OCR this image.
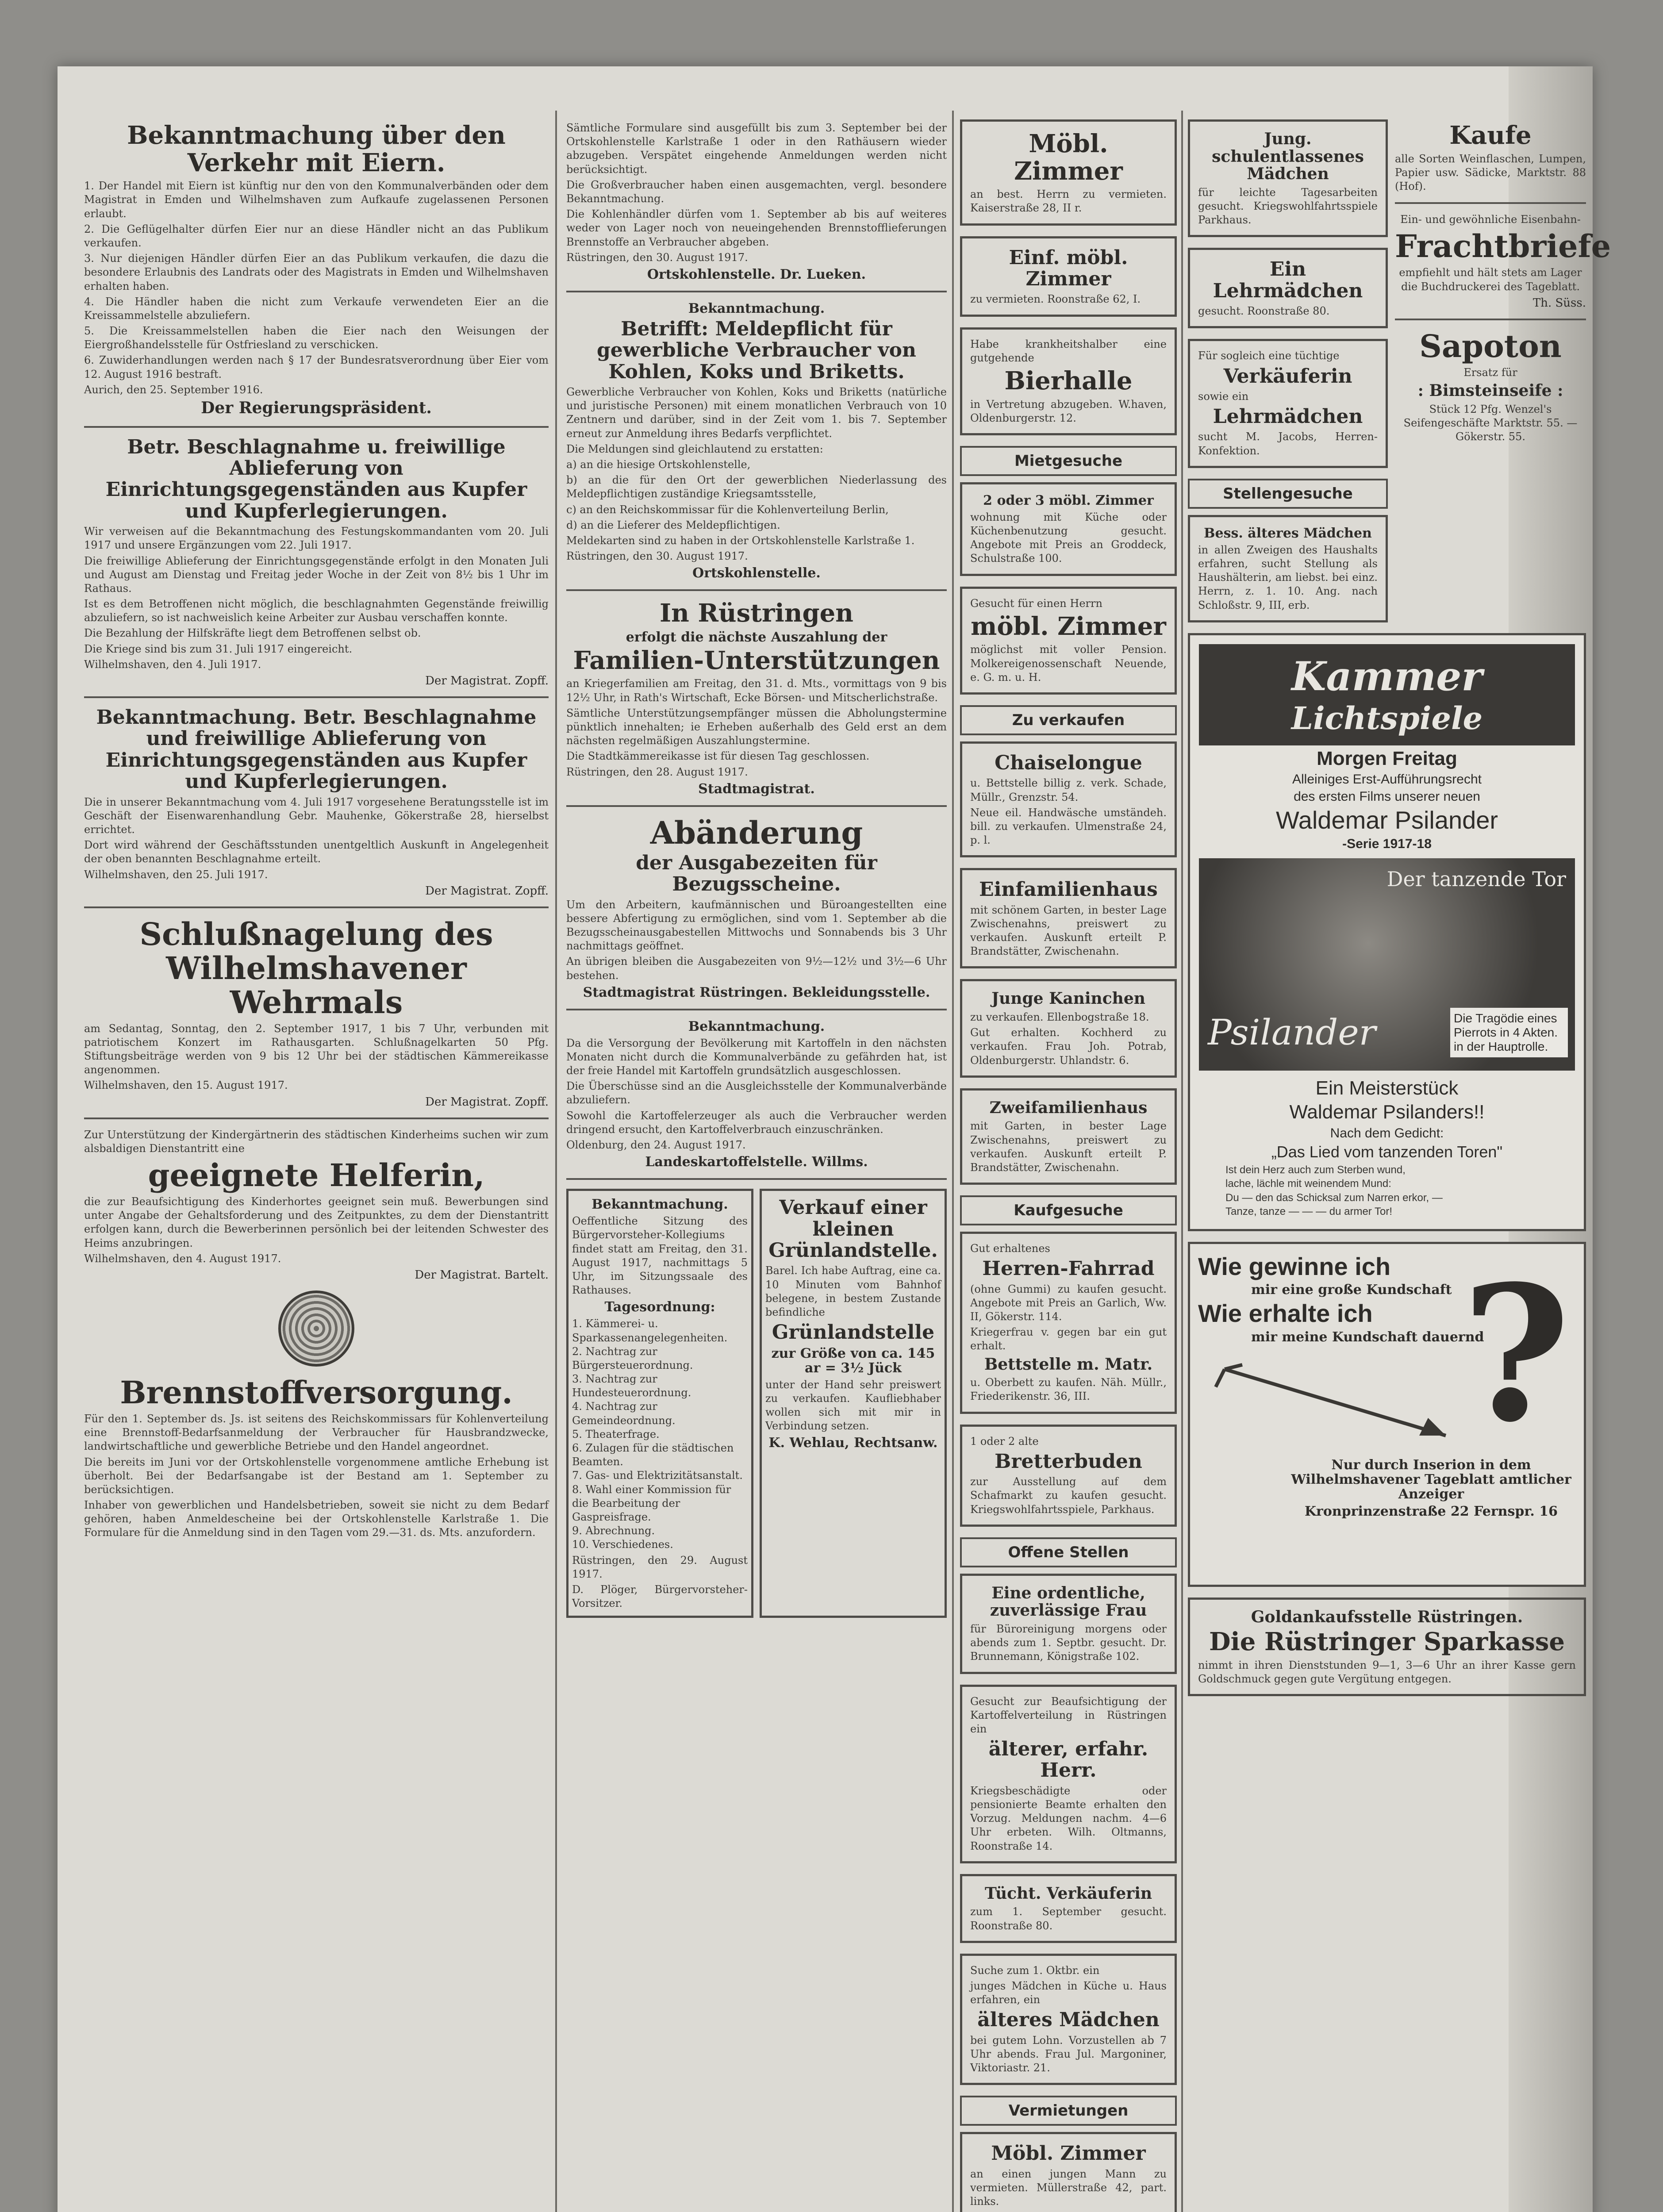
Bekanntmachung über den Verkehr mit Eiern.

1. Der Handel mit Eiern ist künftig nur den von den Kommunalverbänden oder dem Magistrat in Emden und Wilhelmshaven zum Aufkaufe zugelassenen Personen erlaubt.

2. Die Geflügelhalter dürfen Eier nur an diese Händler nicht an das Publikum verkaufen.

3. Nur diejenigen Händler dürfen Eier an das Publikum verkaufen, die dazu die besondere Erlaubnis des Landrats oder des Magistrats in Emden und Wilhelmshaven erhalten haben.

4. Die Händler haben die nicht zum Verkaufe verwendeten Eier an die Kreissammelstelle abzuliefern.

5. Die Kreissammelstellen haben die Eier nach den Weisungen der Eiergroßhandelsstelle für Ostfriesland zu verschicken.

6. Zuwiderhandlungen werden nach § 17 der Bundesratsverordnung über Eier vom 12. August 1916 bestraft.

Aurich, den 25. September 1916.

Der Regierungspräsident.
Betr. Beschlagnahme u. freiwillige Ablieferung von Einrichtungsgegenständen aus Kupfer und Kupferlegierungen.

Wir verweisen auf die Bekanntmachung des Festungskommandanten vom 20. Juli 1917 und unsere Ergänzungen vom 22. Juli 1917.

Die freiwillige Ablieferung der Einrichtungsgegenstände erfolgt in den Monaten Juli und August am Dienstag und Freitag jeder Woche in der Zeit von 8½ bis 1 Uhr im Rathaus.

Ist es dem Betroffenen nicht möglich, die beschlagnahmten Gegenstände freiwillig abzuliefern, so ist nachweislich keine Arbeiter zur Ausbau verschaffen konnte.

Die Bezahlung der Hilfskräfte liegt dem Betroffenen selbst ob.

Die Kriege sind bis zum 31. Juli 1917 eingereicht.

Wilhelmshaven, den 4. Juli 1917.

Der Magistrat. Zopff.
Bekanntmachung. Betr. Beschlagnahme und freiwillige Ablieferung von Einrichtungsgegenständen aus Kupfer und Kupferlegierungen.

Die in unserer Bekanntmachung vom 4. Juli 1917 vorgesehene Beratungsstelle ist im Geschäft der Eisenwarenhandlung Gebr. Mauhenke, Gökerstraße 28, hierselbst errichtet.

Dort wird während der Geschäftsstunden unentgeltlich Auskunft in Angelegenheit der oben benannten Beschlagnahme erteilt.

Wilhelmshaven, den 25. Juli 1917.

Der Magistrat. Zopff.
Schlußnagelung des Wilhelmshavener Wehrmals

am Sedantag, Sonntag, den 2. September 1917, 1 bis 7 Uhr, verbunden mit patriotischem Konzert im Rathausgarten. Schlußnagelkarten 50 Pfg. Stiftungsbeiträge werden von 9 bis 12 Uhr bei der städtischen Kämmereikasse angenommen.

Wilhelmshaven, den 15. August 1917.

Der Magistrat. Zopff.

Zur Unterstützung der Kindergärtnerin des städtischen Kinderheims suchen wir zum alsbaldigen Dienstantritt eine

geeignete Helferin,

die zur Beaufsichtigung des Kinderhortes geeignet sein muß. Bewerbungen sind unter Angabe der Gehaltsforderung und des Zeitpunktes, zu dem der Dienstantritt erfolgen kann, durch die Bewerberinnen persönlich bei der leitenden Schwester des Heims anzubringen.

Wilhelmshaven, den 4. August 1917.

Der Magistrat. Bartelt.
Brennstoffversorgung.

Für den 1. September ds. Js. ist seitens des Reichskommissars für Kohlenverteilung eine Brennstoff-Bedarfsanmeldung der Verbraucher für Hausbrandzwecke, landwirtschaftliche und gewerbliche Betriebe und den Handel angeordnet.

Die bereits im Juni vor der Ortskohlenstelle vorgenommene amtliche Erhebung ist überholt. Bei der Bedarfsangabe ist der Bestand am 1. September zu berücksichtigen.

Inhaber von gewerblichen und Handelsbetrieben, soweit sie nicht zu dem Bedarf gehören, haben Anmeldescheine bei der Ortskohlenstelle Karlstraße 1. Die Formulare für die Anmeldung sind in den Tagen vom 29.—31. ds. Mts. anzufordern.

Sämtliche Formulare sind ausgefüllt bis zum 3. September bei der Ortskohlenstelle Karlstraße 1 oder in den Rathäusern wieder abzugeben. Verspätet eingehende Anmeldungen werden nicht berücksichtigt.

Die Großverbraucher haben einen ausgemachten, vergl. besondere Bekanntmachung.

Die Kohlenhändler dürfen vom 1. September ab bis auf weiteres weder von Lager noch von neueingehenden Brennstofflieferungen Brennstoffe an Verbraucher abgeben.

Rüstringen, den 30. August 1917.

Ortskohlenstelle. Dr. Lueken.
Bekanntmachung.
Betrifft: Meldepflicht für gewerbliche Verbraucher von Kohlen, Koks und Briketts.

Gewerbliche Verbraucher von Kohlen, Koks und Briketts (natürliche und juristische Personen) mit einem monatlichen Verbrauch von 10 Zentnern und darüber, sind in der Zeit vom 1. bis 7. September erneut zur Anmeldung ihres Bedarfs verpflichtet.

Die Meldungen sind gleichlautend zu erstatten:

a) an die hiesige Ortskohlenstelle,

b) an die für den Ort der gewerblichen Niederlassung des Meldepflichtigen zuständige Kriegsamtsstelle,

c) an den Reichskommissar für die Kohlenverteilung Berlin,

d) an die Lieferer des Meldepflichtigen.

Meldekarten sind zu haben in der Ortskohlenstelle Karlstraße 1.

Rüstringen, den 30. August 1917.

Ortskohlenstelle.
In Rüstringen
erfolgt die nächste Auszahlung der
Familien-Unterstützungen

an Kriegerfamilien am Freitag, den 31. d. Mts., vormittags von 9 bis 12½ Uhr, in Rath's Wirtschaft, Ecke Börsen- und Mitscherlichstraße.

Sämtliche Unterstützungsempfänger müssen die Abholungstermine pünktlich innehalten; ie Erheben außerhalb des Geld erst an dem nächsten regelmäßigen Auszahlungstermine.

Die Stadtkämmereikasse ist für diesen Tag geschlossen.

Rüstringen, den 28. August 1917.

Stadtmagistrat.
Abänderung
der Ausgabezeiten für Bezugsscheine.

Um den Arbeitern, kaufmännischen und Büroangestellten eine bessere Abfertigung zu ermöglichen, sind vom 1. September ab die Bezugsscheinausgabestellen Mittwochs und Sonnabends bis 3 Uhr nachmittags geöffnet.

An übrigen bleiben die Ausgabezeiten von 9½—12½ und 3½—6 Uhr bestehen.

Stadtmagistrat Rüstringen. Bekleidungsstelle.
Bekanntmachung.

Da die Versorgung der Bevölkerung mit Kartoffeln in den nächsten Monaten nicht durch die Kommunalverbände zu gefährden hat, ist der freie Handel mit Kartoffeln grundsätzlich ausgeschlossen.

Die Überschüsse sind an die Ausgleichsstelle der Kommunalverbände abzuliefern.

Sowohl die Kartoffelerzeuger als auch die Verbraucher werden dringend ersucht, den Kartoffelverbrauch einzuschränken.

Oldenburg, den 24. August 1917.

Landeskartoffelstelle. Willms.
Bekanntmachung.

Oeffentliche Sitzung des Bürgervorsteher-Kollegiums findet statt am Freitag, den 31. August 1917, nachmittags 5 Uhr, im Sitzungssaale des Rathauses.

Tagesordnung:
1. Kämmerei- u. Sparkassenangelegenheiten.
2. Nachtrag zur Bürgersteuerordnung.
3. Nachtrag zur Hundesteuerordnung.
4. Nachtrag zur Gemeindeordnung.
5. Theaterfrage.
6. Zulagen für die städtischen Beamten.
7. Gas- und Elektrizitätsanstalt.
8. Wahl einer Kommission für die Bearbeitung der Gaspreisfrage.
9. Abrechnung.
10. Verschiedenes.

Rüstringen, den 29. August 1917.

D. Plöger, Bürgervorsteher-Vorsitzer.
Verkauf einer kleinen Grünlandstelle.

Barel. Ich habe Auftrag, eine ca. 10 Minuten vom Bahnhof belegene, in bestem Zustande befindliche

Grünlandstelle
zur Größe von ca. 145 ar = 3½ Jück

unter der Hand sehr preiswert zu verkaufen. Kaufliebhaber wollen sich mit mir in Verbindung setzen.

K. Wehlau, Rechtsanw.
Möbl. Zimmer

an best. Herrn zu vermieten. Kaiserstraße 28, II r.

Einf. möbl. Zimmer

zu vermieten. Roonstraße 62, I.

Habe krankheitshalber eine gutgehende

Bierhalle

in Vertretung abzugeben. W.haven, Oldenburgerstr. 12.

Mietgesuche
2 oder 3 möbl. Zimmer

wohnung mit Küche oder Küchenbenutzung gesucht. Angebote mit Preis an Groddeck, Schulstraße 100.

Gesucht für einen Herrn

möbl. Zimmer

möglichst mit voller Pension. Molkereigenossenschaft Neuende, e. G. m. u. H.

Zu verkaufen
Chaiselongue

u. Bettstelle billig z. verk. Schade, Müllr., Grenzstr. 54.

Neue eil. Handwäsche umständeh. bill. zu verkaufen. Ulmenstraße 24, p. l.

Einfamilienhaus

mit schönem Garten, in bester Lage Zwischenahns, preiswert zu verkaufen. Auskunft erteilt P. Brandstätter, Zwischenahn.

Junge Kaninchen

zu verkaufen. Ellenbogstraße 18.

Gut erhalten. Kochherd zu verkaufen. Frau Joh. Potrab, Oldenburgerstr. Uhlandstr. 6.

Zweifamilienhaus

mit Garten, in bester Lage Zwischenahns, preiswert zu verkaufen. Auskunft erteilt P. Brandstätter, Zwischenahn.

Kaufgesuche

Gut erhaltenes

Herren-Fahrrad

(ohne Gummi) zu kaufen gesucht. Angebote mit Preis an Garlich, Ww. II, Gökerstr. 114.

Kriegerfrau v. gegen bar ein gut erhalt.

Bettstelle m. Matr.

u. Oberbett zu kaufen. Näh. Müllr., Friederikenstr. 36, III.

1 oder 2 alte

Bretterbuden

zur Ausstellung auf dem Schafmarkt zu kaufen gesucht. Kriegswohlfahrtsspiele, Parkhaus.

Offene Stellen
Eine ordentliche, zuverlässige Frau

für Büroreinigung morgens oder abends zum 1. Septbr. gesucht. Dr. Brunnemann, Königstraße 102.

Gesucht zur Beaufsichtigung der Kartoffelverteilung in Rüstringen ein

älterer, erfahr. Herr.

Kriegsbeschädigte oder pensionierte Beamte erhalten den Vorzug. Meldungen nachm. 4—6 Uhr erbeten. Wilh. Oltmanns, Roonstraße 14.

Tücht. Verkäuferin

zum 1. September gesucht. Roonstraße 80.

Suche zum 1. Oktbr. ein

junges Mädchen in Küche u. Haus erfahren, ein

älteres Mädchen

bei gutem Lohn. Vorzustellen ab 7 Uhr abends. Frau Jul. Margoniner, Viktoriastr. 21.

Vermietungen
Möbl. Zimmer

an einen jungen Mann zu vermieten. Müllerstraße 42, part. links.

Jung. schulentlassenes Mädchen

für leichte Tagesarbeiten gesucht. Kriegswohlfahrtsspiele Parkhaus.

Ein Lehrmädchen

gesucht. Roonstraße 80.

Für sogleich eine tüchtige

Verkäuferin

sowie ein

Lehrmädchen

sucht M. Jacobs, Herren-Konfektion.

Stellengesuche
Bess. älteres Mädchen

in allen Zweigen des Haushalts erfahren, sucht Stellung als Haushälterin, am liebst. bei einz. Herrn, z. 1. 10. Ang. nach Schloßstr. 9, III, erb.

Kaufe

alle Sorten Weinflaschen, Lumpen, Papier usw. Sädicke, Marktstr. 88 (Hof).

Ein- und gewöhnliche Eisenbahn-

Frachtbriefe

empfiehlt und hält stets am Lager die Buchdruckerei des Tageblatt.

Th. Süss.
Sapoton

Ersatz für

: Bimsteinseife :

Stück 12 Pfg. Wenzel's Seifengeschäfte Marktstr. 55. — Gökerstr. 55.

Kammer
Lichtspiele
Morgen Freitag
Alleiniges Erst-Aufführungsrecht
des ersten Films unserer neuen
Waldemar Psilander
-Serie 1917-18
Der tanzende Tor
Psilander	Die Tragödie eines Pierrots in 4 Akten.
in der Hauptrolle.
Ein Meisterstück
Waldemar Psilanders!!
Nach dem Gedicht:
„Das Lied vom tanzenden Toren"
Ist dein Herz auch zum Sterben wund,
lache, lächle mit weinendem Mund:
Du — den das Schicksal zum Narren erkor, —
Tanze, tanze — — — du armer Tor!
?
Wie gewinne ich
mir eine große Kundschaft
Wie erhalte ich
mir meine Kundschaft dauernd
Nur durch Inserion in dem Wilhelmshavener Tageblatt amtlicher Anzeiger
Kronprinzenstraße 22 Fernspr. 16
Goldankaufsstelle Rüstringen.
Die Rüstringer Sparkasse

nimmt in ihren Dienststunden 9—1, 3—6 Uhr an ihrer Kasse gern Goldschmuck gegen gute Vergütung entgegen.
